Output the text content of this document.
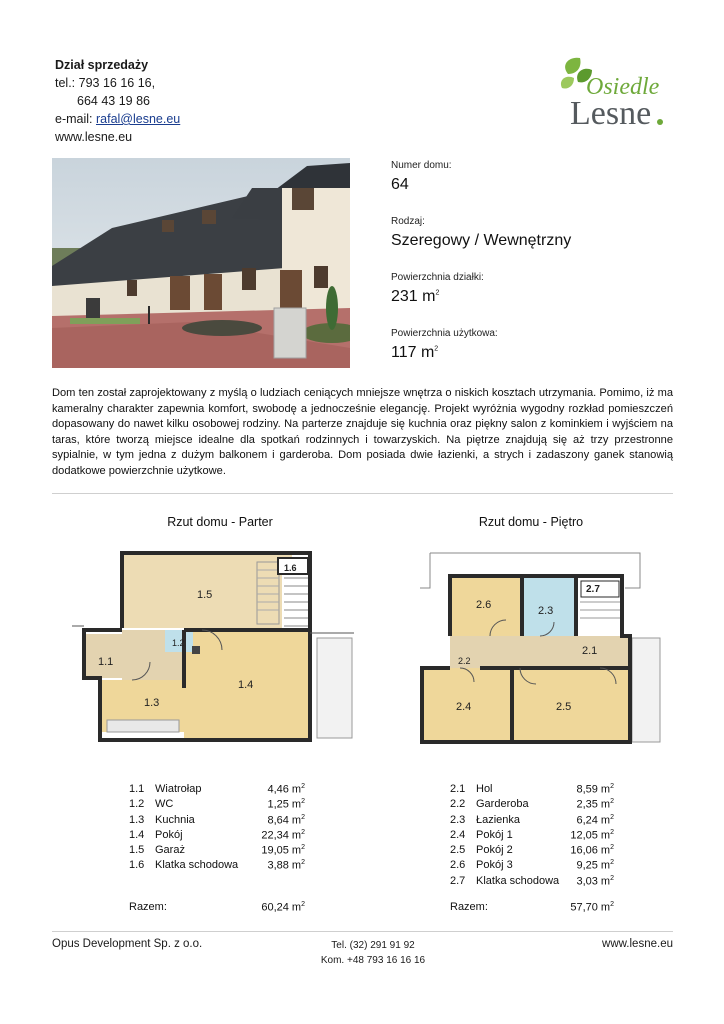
Dział sprzedaży
tel.: 793 16 16 16,
664 43 19 86
e-mail: rafal@lesne.eu
www.lesne.eu
Osiedle
Lesne

Numer domu:

64

Rodzaj:

Szeregowy / Wewnętrzny

Powierzchnia działki:

231 $m^2$

Powierzchnia użytkowa:

117 $m^2$

Dom ten został zaprojektowany z myślą o ludziach ceniących mniejsze wnętrza o niskich kosztach utrzymania. Pomimo, iż ma kameralny charakter zapewnia komfort, swobodę a jednocześnie elegancję. Projekt wyróżnia wygodny rozkład pomieszczeń dopasowany do nawet kilku osobowej rodziny. Na parterze znajduje się kuchnia oraz piękny salon z kominkiem i wyjściem na taras, które tworzą miejsce idealne dla spotkań rodzinnych i towarzyskich. Na piętrze znajdują się aż trzy przestronne sypialnie, w tym jedna z dużym balkonem i garderoba. Dom posiada dwie łazienki, a strych i zadaszony ganek stanowią dodatkowe powierzchnie użytkowe.
Rzut domu - Parter	Rzut domu - Piętro
1.5
1.6
1.2
1.1
1.3
1.4
2.6	2.3
2.7
2.1
2.2
2.4	2.5
1.1 Wiatrołap	4,46 $m^2$
1.2 WC	1,25 $m^2$
1.3 Kuchnia	8,64 $m^2$
1.4 Pokój	22,34 $m^2$
1.5 Garaż	19,05 $m^2$
1.6 Klatka schodowa	3,88 $m^2$
2.1 Hol	8,59 $m^2$
2.2 Garderoba	2,35 $m^2$
2.3 Łazienka	6,24 $m^2$
2.4 Pokój 1	12,05 $m^2$
2.5 Pokój 2	16,06 $m^2$
2.6 Pokój 3	9,25 $m^2$
2.7 Klatka schodowa 3,03 $m^2$
Razem:	60,24 $m^2$	Razem:	57,70 $m^2$
Opus Development Sp. z o.o.	Tel. (32) 291 91 92
Kom. +48 793 16 16 16
www.lesne.eu
